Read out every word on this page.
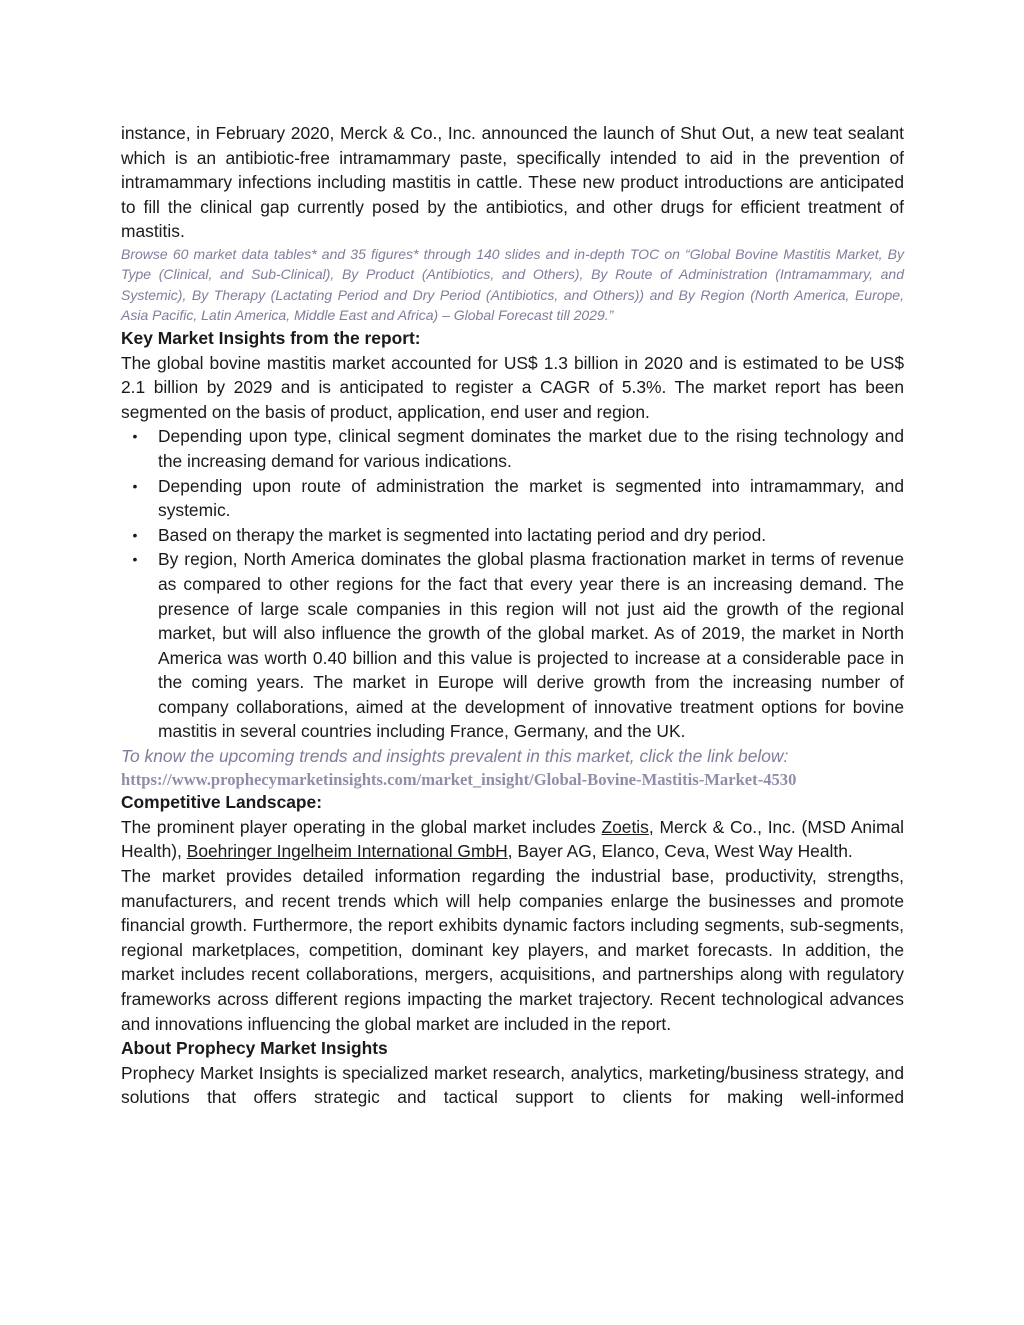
instance, in February 2020, Merck & Co., Inc. announced the launch of Shut Out, a new teat sealant which is an antibiotic-free intramammary paste, specifically intended to aid in the prevention of intramammary infections including mastitis in cattle. These new product introductions are anticipated to fill the clinical gap currently posed by the antibiotics, and other drugs for efficient treatment of mastitis.

Browse 60 market data tables* and 35 figures* through 140 slides and in-depth TOC on “Global Bovine Mastitis Market, By Type (Clinical, and Sub-Clinical), By Product (Antibiotics, and Others), By Route of Administration (Intramammary, and Systemic), By Therapy (Lactating Period and Dry Period (Antibiotics, and Others)) and By Region (North America, Europe, Asia Pacific, Latin America, Middle East and Africa) – Global Forecast till 2029.”

Key Market Insights from the report:

The global bovine mastitis market accounted for US$ 1.3 billion in 2020 and is estimated to be US$ 2.1 billion by 2029 and is anticipated to register a CAGR of 5.3%. The market report has been segmented on the basis of product, application, end user and region.

• Depending upon type, clinical segment dominates the market due to the rising technology and the increasing demand for various indications.
• Depending upon route of administration the market is segmented into intramammary, and systemic.
• Based on therapy the market is segmented into lactating period and dry period.
• By region, North America dominates the global plasma fractionation market in terms of revenue as compared to other regions for the fact that every year there is an increasing demand. The presence of large scale companies in this region will not just aid the growth of the regional market, but will also influence the growth of the global market. As of 2019, the market in North America was worth 0.40 billion and this value is projected to increase at a considerable pace in the coming years. The market in Europe will derive growth from the increasing number of company collaborations, aimed at the development of innovative treatment options for bovine mastitis in several countries including France, Germany, and the UK.

To know the upcoming trends and insights prevalent in this market, click the link below:

https://www.prophecymarketinsights.com/market_insight/Global-Bovine-Mastitis-Market-4530

Competitive Landscape:

The prominent player operating in the global market includes Zoetis, Merck & Co., Inc. (MSD Animal Health), Boehringer Ingelheim International GmbH, Bayer AG, Elanco, Ceva, West Way Health.

The market provides detailed information regarding the industrial base, productivity, strengths, manufacturers, and recent trends which will help companies enlarge the businesses and promote financial growth. Furthermore, the report exhibits dynamic factors including segments, sub-segments, regional marketplaces, competition, dominant key players, and market forecasts. In addition, the market includes recent collaborations, mergers, acquisitions, and partnerships along with regulatory frameworks across different regions impacting the market trajectory. Recent technological advances and innovations influencing the global market are included in the report.

About Prophecy Market Insights

Prophecy Market Insights is specialized market research, analytics, marketing/business strategy, and solutions that offers strategic and tactical support to clients for making well-informed
